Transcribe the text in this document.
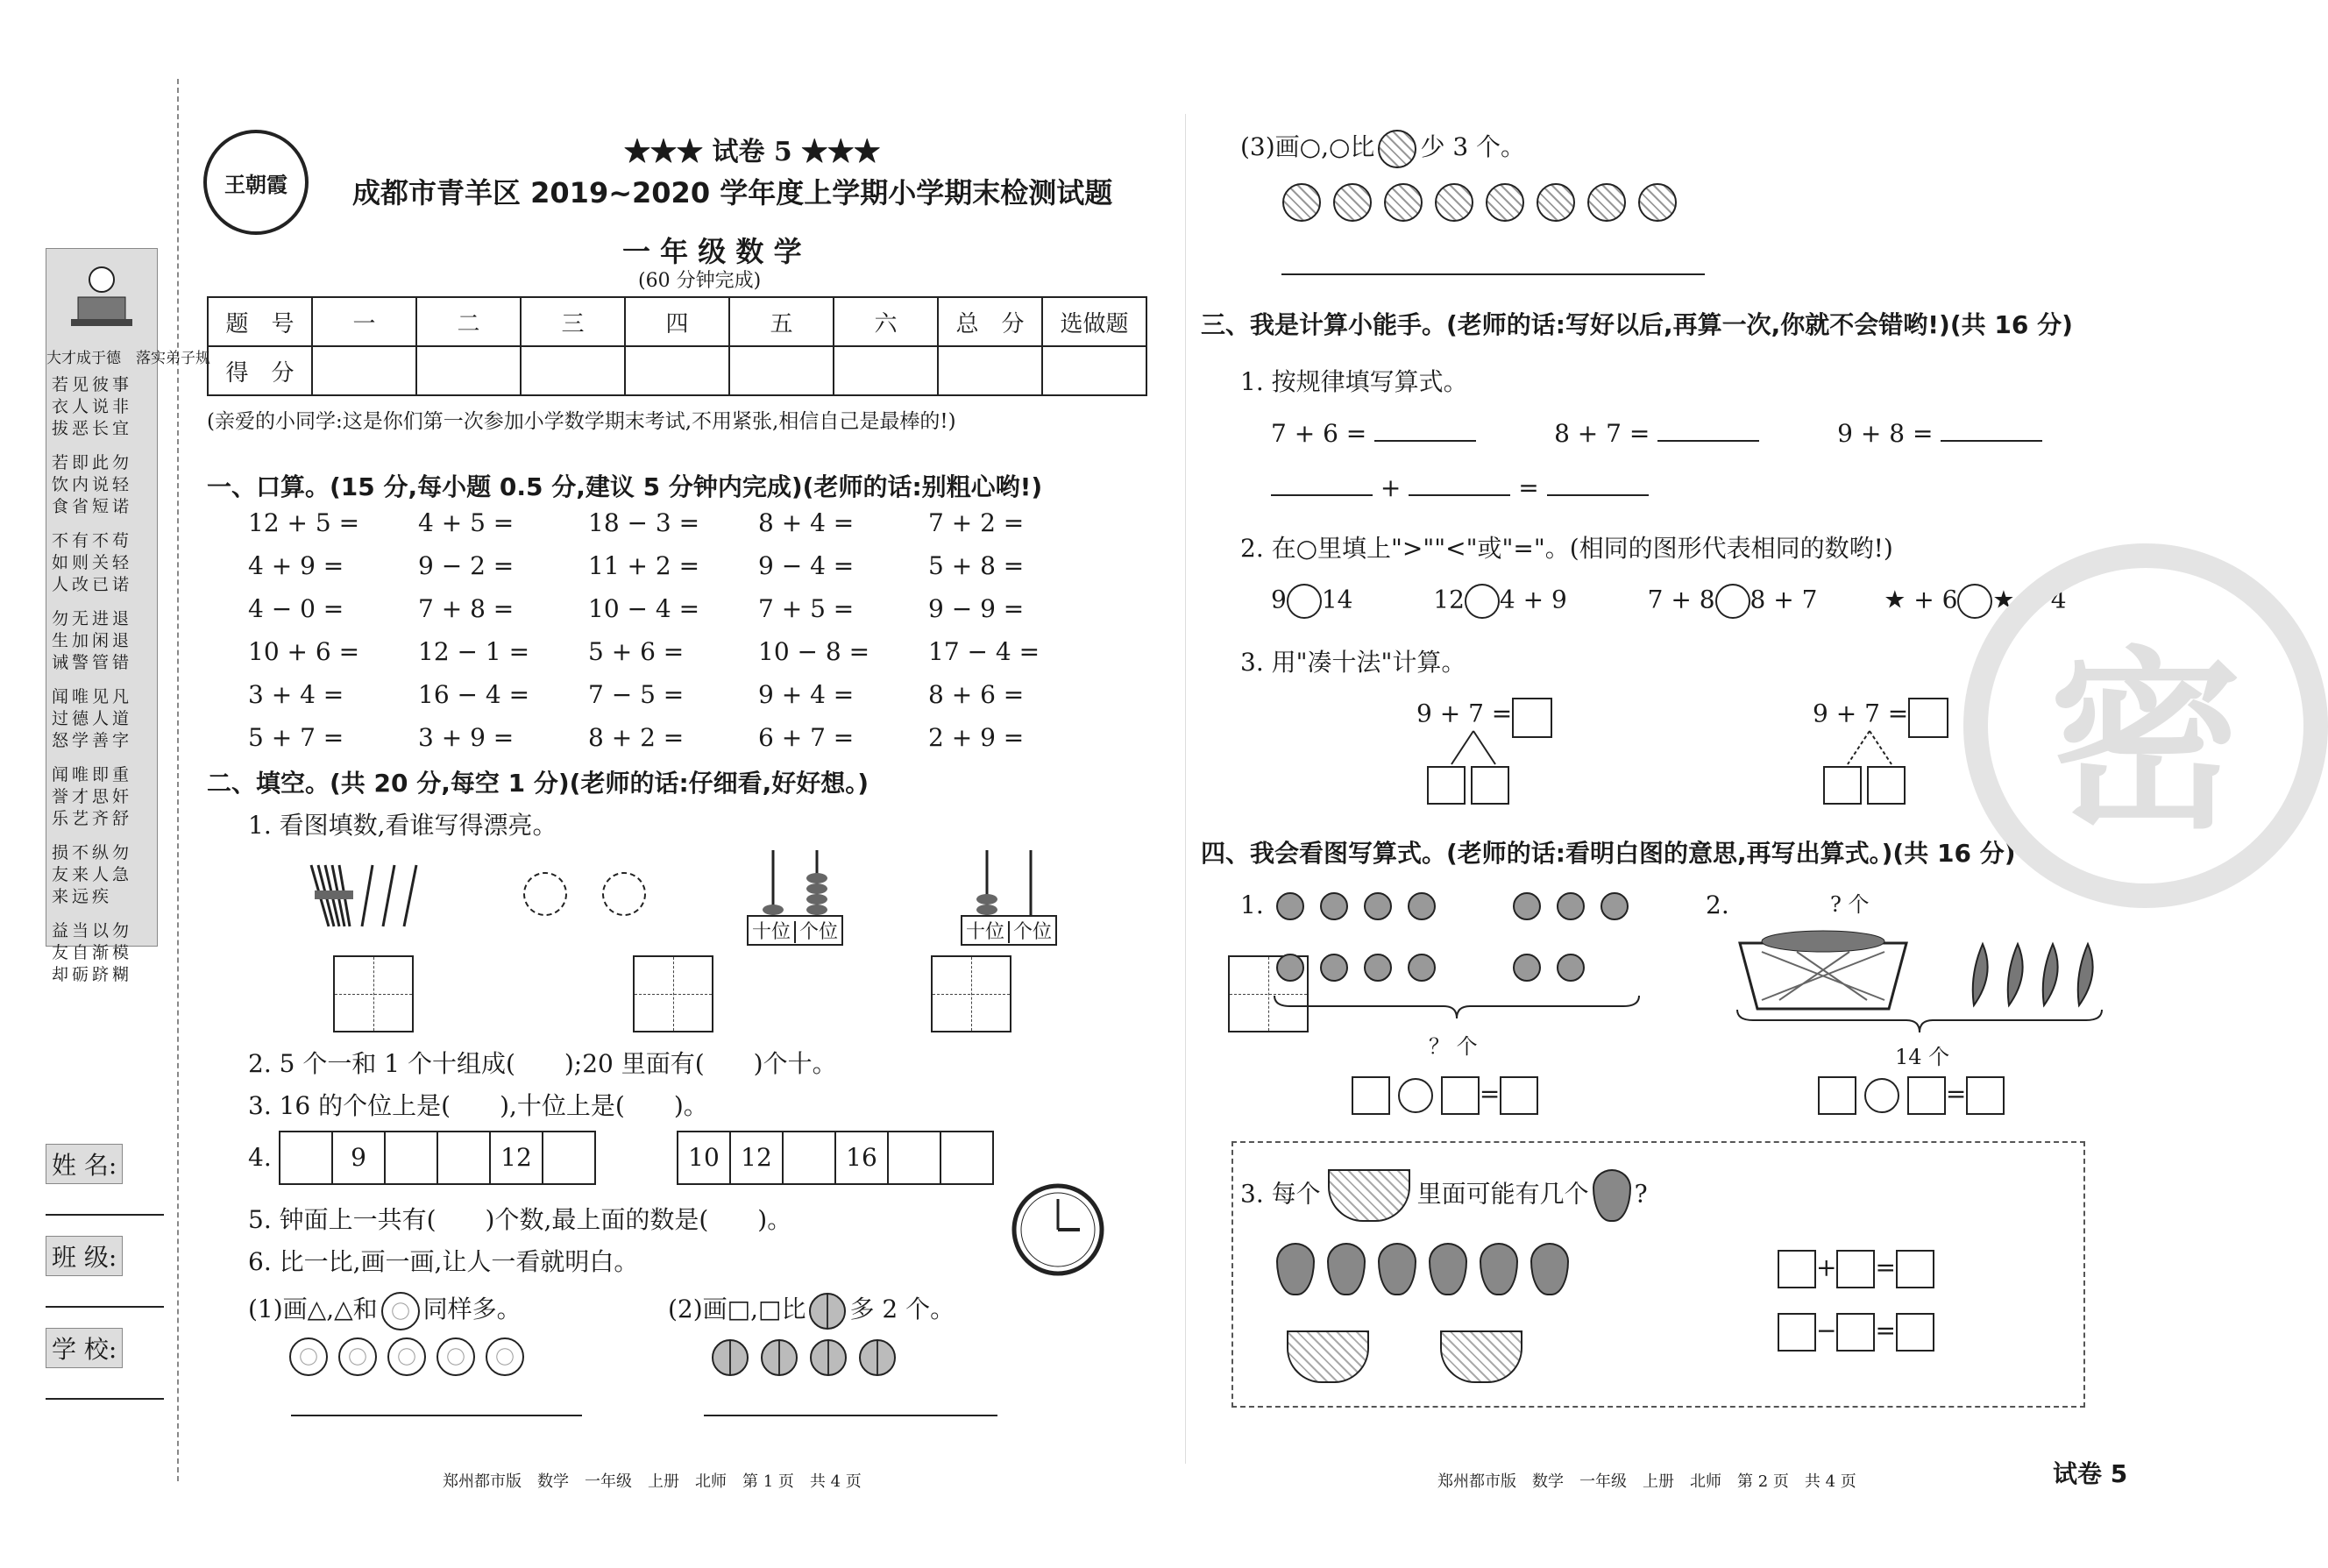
大才成于德　落实弟子规
若见彼事衣人说非拔恶长宜
若即此勿饮内说轻食省短诺
不有不苟如则关轻人改已诺
勿无进退生加闲退诫警管错
闻唯见凡过德人道怒学善字
闻唯即重誉才思奸乐艺齐舒
损不纵勿友来人急来远疾
益当以勿友自渐模却砺跻糊
姓 名:
班 级:
学 校:
王朝霞
★★★ 试卷 5 ★★★
成都市青羊区 2019~2020 学年度上学期小学期末检测试题
一 年 级 数 学
(60 分钟完成)
题　号	一	二	三	四	五	六	总　分	选做题
得　分								
(亲爱的小同学:这是你们第一次参加小学数学期末考试,不用紧张,相信自己是最棒的!)
一、口算。(15 分,每小题 0.5 分,建议 5 分钟内完成)(老师的话:别粗心哟!)
12 + 5 =	4 + 5 =	18 − 3 =	8 + 4 =	7 + 2 =
4 + 9 =	9 − 2 =	11 + 2 =	9 − 4 =	5 + 8 =
4 − 0 =	7 + 8 =	10 − 4 =	7 + 5 =	9 − 9 =
10 + 6 =	12 − 1 =	5 + 6 =	10 − 8 =	17 − 4 =
3 + 4 =	16 − 4 =	7 − 5 =	9 + 4 =	8 + 6 =
5 + 7 =	3 + 9 =	8 + 2 =	6 + 7 =	2 + 9 =
二、填空。(共 20 分,每空 1 分)(老师的话:仔细看,好好想。)
1. 看图填数,看谁写得漂亮。
十位 个位	十位 个位

2. 5 个一和 1 个十组成(　　);20 里面有(　　)个十。
3. 16 的个位上是(　　),十位上是(　　)。
4.	9	12	10 12	16
5. 钟面上一共有(　　)个数,最上面的数是(　　)。
6. 比一比,画一画,让人一看就明白。
(1)画△,△和 同样多。	(2)画□,□比 多 2 个。
(3)画○,○比 少 3 个。
三、我是计算小能手。(老师的话:写好以后,再算一次,你就不会错哟!)(共 16 分)
1. 按规律填写算式。
7 + 6 =	8 + 7 =	9 + 8 =
+	=
2. 在○里填上">""<"或"="。(相同的图形代表相同的数哟!)
9 14	12 4 + 9	7 + 8 8 + 7	★ + 6 ★ + 4
3. 用"凑十法"计算。
9 + 7 =	9 + 7 =
四、我会看图写算式。(老师的话:看明白图的意思,再写出算式。)(共 16 分)
1.
？ 个
=
2.	? 个
14 个
=
3. 每个	里面可能有几个 ?
+ =
− =
密
郑州都市版　数学　一年级　上册　北师　第 1 页　共 4 页	郑州都市版　数学　一年级　上册　北师　第 2 页　共 4 页	试卷 5
